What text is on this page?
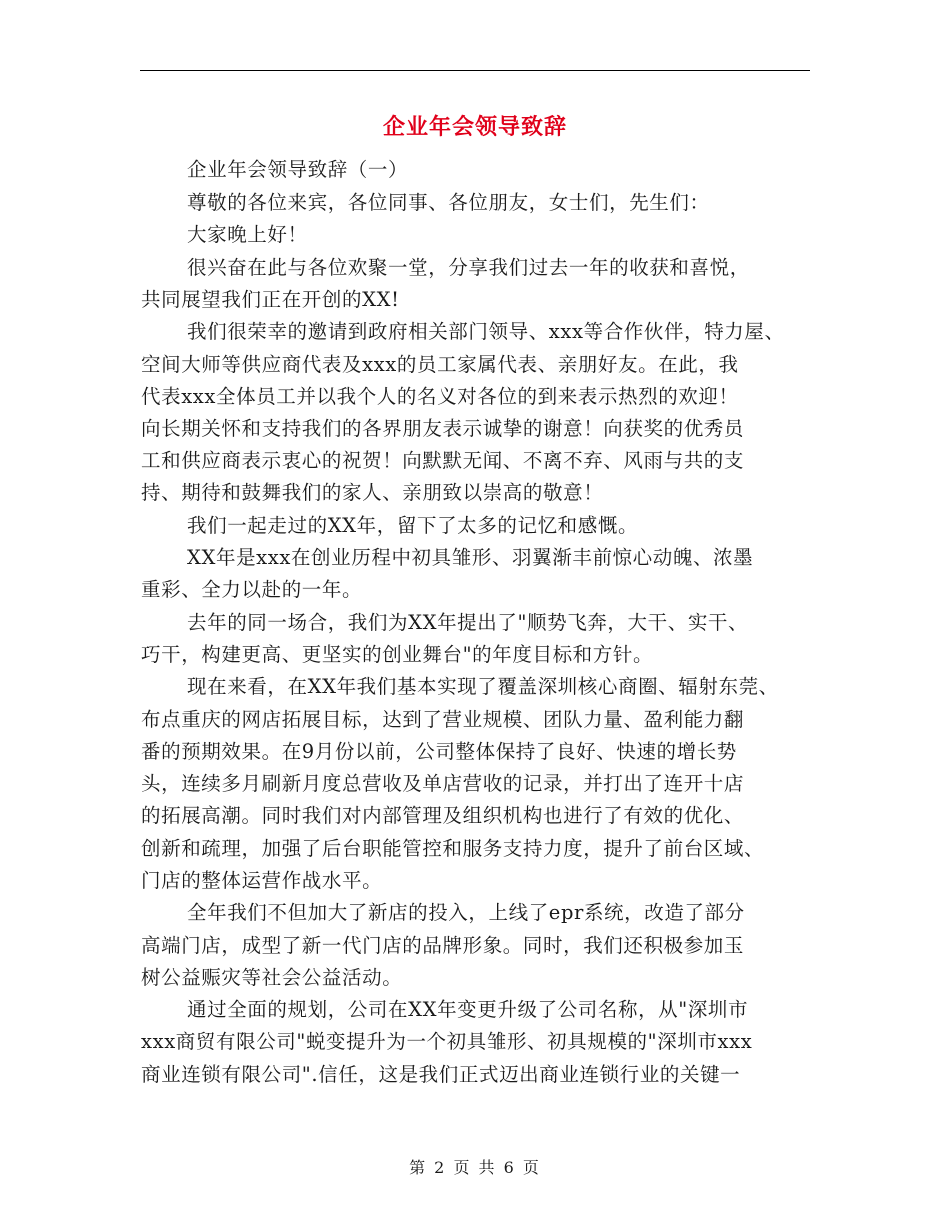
企业年会领导致辞
企业年会领导致辞（一）
尊敬的各位来宾，各位同事、各位朋友，女士们，先生们：
大家晚上好！
很兴奋在此与各位欢聚一堂，分享我们过去一年的收获和喜悦，
共同展望我们正在开创的XX!
我们很荣幸的邀请到政府相关部门领导、xxx等合作伙伴，特力屋、
空间大师等供应商代表及xxx的员工家属代表、亲朋好友。在此，我
代表xxx全体员工并以我个人的名义对各位的到来表示热烈的欢迎！
向长期关怀和支持我们的各界朋友表示诚挚的谢意！向获奖的优秀员
工和供应商表示衷心的祝贺！向默默无闻、不离不弃、风雨与共的支
持、期待和鼓舞我们的家人、亲朋致以崇高的敬意！
我们一起走过的XX年，留下了太多的记忆和感慨。
XX年是xxx在创业历程中初具雏形、羽翼渐丰前惊心动魄、浓墨
重彩、全力以赴的一年。
去年的同一场合，我们为XX年提出了"顺势飞奔，大干、实干、
巧干，构建更高、更坚实的创业舞台"的年度目标和方针。
现在来看，在XX年我们基本实现了覆盖深圳核心商圈、辐射东莞、
布点重庆的网店拓展目标，达到了营业规模、团队力量、盈利能力翻
番的预期效果。在9月份以前，公司整体保持了良好、快速的增长势
头，连续多月刷新月度总营收及单店营收的记录，并打出了连开十店
的拓展高潮。同时我们对内部管理及组织机构也进行了有效的优化、
创新和疏理，加强了后台职能管控和服务支持力度，提升了前台区域、
门店的整体运营作战水平。
全年我们不但加大了新店的投入，上线了epr系统，改造了部分
高端门店，成型了新一代门店的品牌形象。同时，我们还积极参加玉
树公益赈灾等社会公益活动。
通过全面的规划，公司在XX年变更升级了公司名称，从"深圳市
xxx商贸有限公司"蜕变提升为一个初具雏形、初具规模的"深圳市xxx
商业连锁有限公司".信任，这是我们正式迈出商业连锁行业的关键一
第 2 页 共 6 页
